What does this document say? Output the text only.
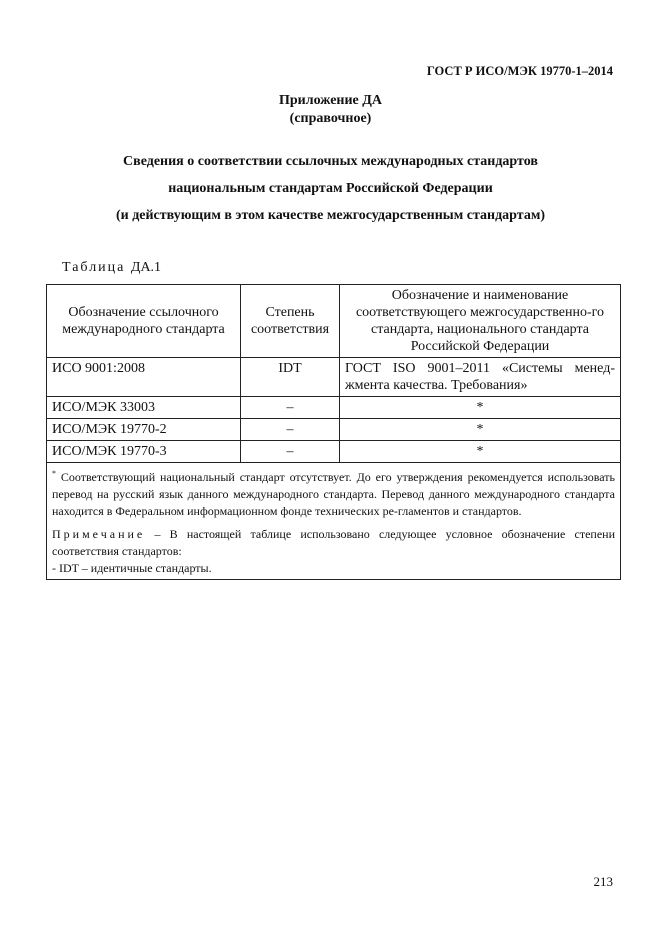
ГОСТ Р ИСО/МЭК 19770-1–2014
Приложение ДА
(справочное)
Сведения о соответствии ссылочных международных стандартов
национальным стандартам Российской Федерации
(и действующим в этом качестве межгосударственным стандартам)
Таблица ДА.1
Обозначение ссылочного международного стандарта	Степень соответствия	Обозначение и наименование соответствующего межгосударственно-го стандарта, национального стандарта Российской Федерации
ИСО 9001:2008	IDT	ГОСТ ISO 9001–2011 «Системы менед-
жмента качества. Требования»
ИСО/МЭК 33003	–	*
ИСО/МЭК 19770-2	–	*
ИСО/МЭК 19770-3	–	*

* Соответствующий национальный стандарт отсутствует. До его утверждения рекомендуется использовать перевод на русский язык данного международного стандарта. Перевод данного международного стандарта находится в Федеральном информационном фонде технических ре-гламентов и стандартов.

Примечание – В настоящей таблице использовано следующее условное обозначение степени соответствия стандартов:

- IDT – идентичные стандарты.		

213
